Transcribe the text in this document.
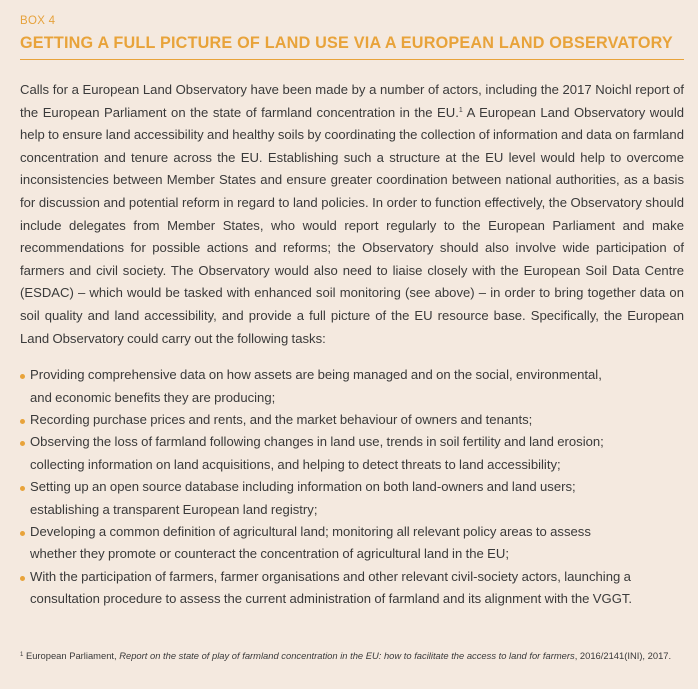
BOX 4

GETTING A FULL PICTURE OF LAND USE VIA A EUROPEAN LAND OBSERVATORY

Calls for a European Land Observatory have been made by a number of actors, including the 2017 Noichl report of the European Parliament on the state of farmland concentration in the EU.$^1$ A European Land Observatory would help to ensure land accessibility and healthy soils by coordinating the collection of information and data on farmland concentration and tenure across the EU. Establishing such a structure at the EU level would help to overcome inconsistencies between Member States and ensure greater coordination between national authorities, as a basis for discussion and potential reform in regard to land policies. In order to function effectively, the Observatory should include delegates from Member States, who would report regularly to the European Parliament and make recommendations for possible actions and reforms; the Observatory should also involve wide participation of farmers and civil society. The Observatory would also need to liaise closely with the European Soil Data Centre (ESDAC) – which would be tasked with enhanced soil monitoring (see above) – in order to bring together data on soil quality and land accessibility, and provide a full picture of the EU resource base. Specifically, the European Land Observatory could carry out the following tasks:

Providing comprehensive data on how assets are being managed and on the social, environmental,
and economic benefits they are producing;
Recording purchase prices and rents, and the market behaviour of owners and tenants;
Observing the loss of farmland following changes in land use, trends in soil fertility and land erosion;
collecting information on land acquisitions, and helping to detect threats to land accessibility;
Setting up an open source database including information on both land-owners and land users;
establishing a transparent European land registry;
Developing a common definition of agricultural land; monitoring all relevant policy areas to assess
whether they promote or counteract the concentration of agricultural land in the EU;
With the participation of farmers, farmer organisations and other relevant civil-society actors, launching a
consultation procedure to assess the current administration of farmland and its alignment with the VGGT.
$^1$ European Parliament, Report on the state of play of farmland concentration in the EU: how to facilitate the access to land for farmers, 2016/2141(INI), 2017.
